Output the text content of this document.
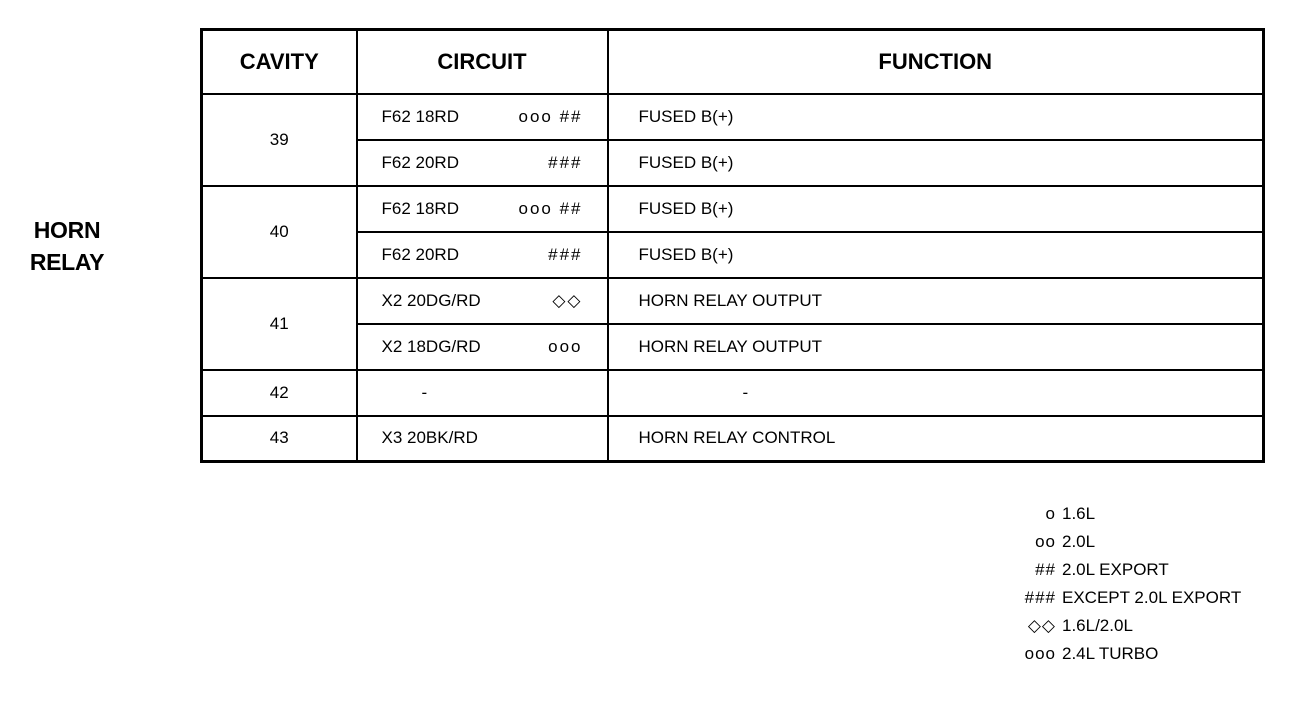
HORN
RELAY
CAVITY	CIRCUIT	FUNCTION
39	F62 18RD ooo ##	FUSED B(+)
	F62 20RD ###	FUSED B(+)
40	F62 18RD ooo ##	FUSED B(+)
	F62 20RD ###	FUSED B(+)
41	X2 20DG/RD ◇◇	HORN RELAY OUTPUT
	X2 18DG/RD ooo	HORN RELAY OUTPUT
42	-	-
43	X3 20BK/RD	HORN RELAY CONTROL
o 1.6L
oo 2.0L
## 2.0L EXPORT
### EXCEPT 2.0L EXPORT
◇◇ 1.6L/2.0L
ooo 2.4L TURBO
